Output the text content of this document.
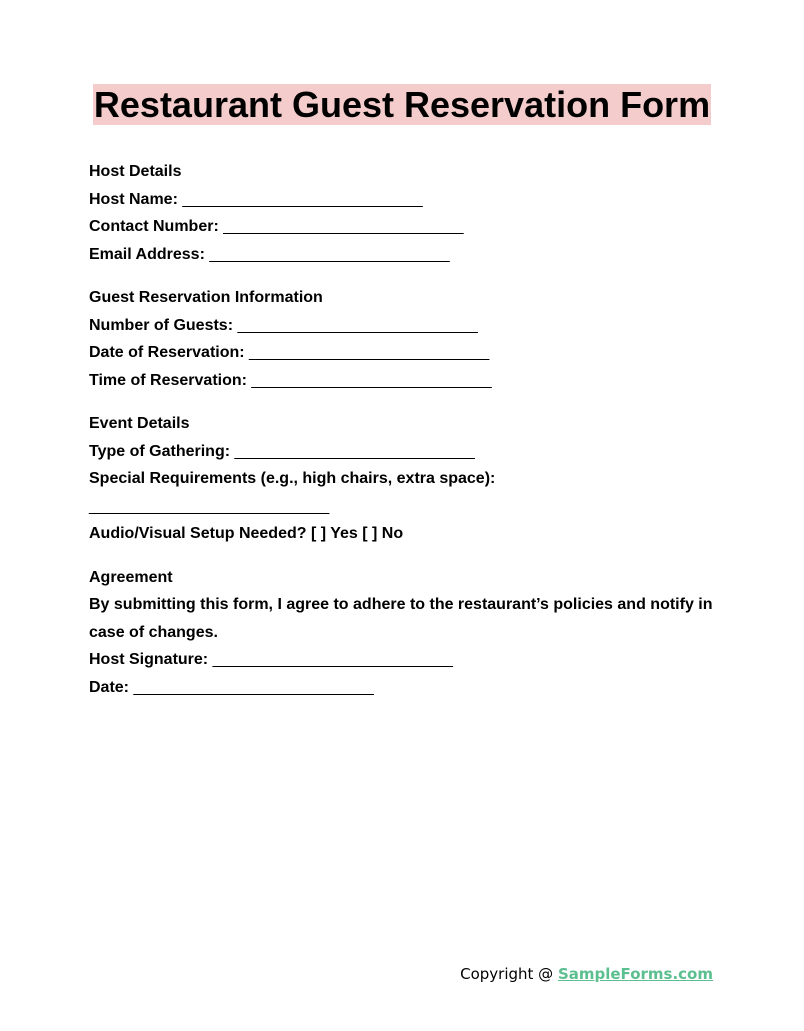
Restaurant Guest Reservation Form
Host Details
Host Name: ___________________________
Contact Number: ___________________________
Email Address: ___________________________
Guest Reservation Information
Number of Guests: ___________________________
Date of Reservation: ___________________________
Time of Reservation: ___________________________
Event Details
Type of Gathering: ___________________________
Special Requirements (e.g., high chairs, extra space):
___________________________
Audio/Visual Setup Needed? [ ] Yes [ ] No
Agreement
By submitting this form, I agree to adhere to the restaurant’s policies and notify in case of changes.
Host Signature: ___________________________
Date: ___________________________
Copyright @ SampleForms.com
